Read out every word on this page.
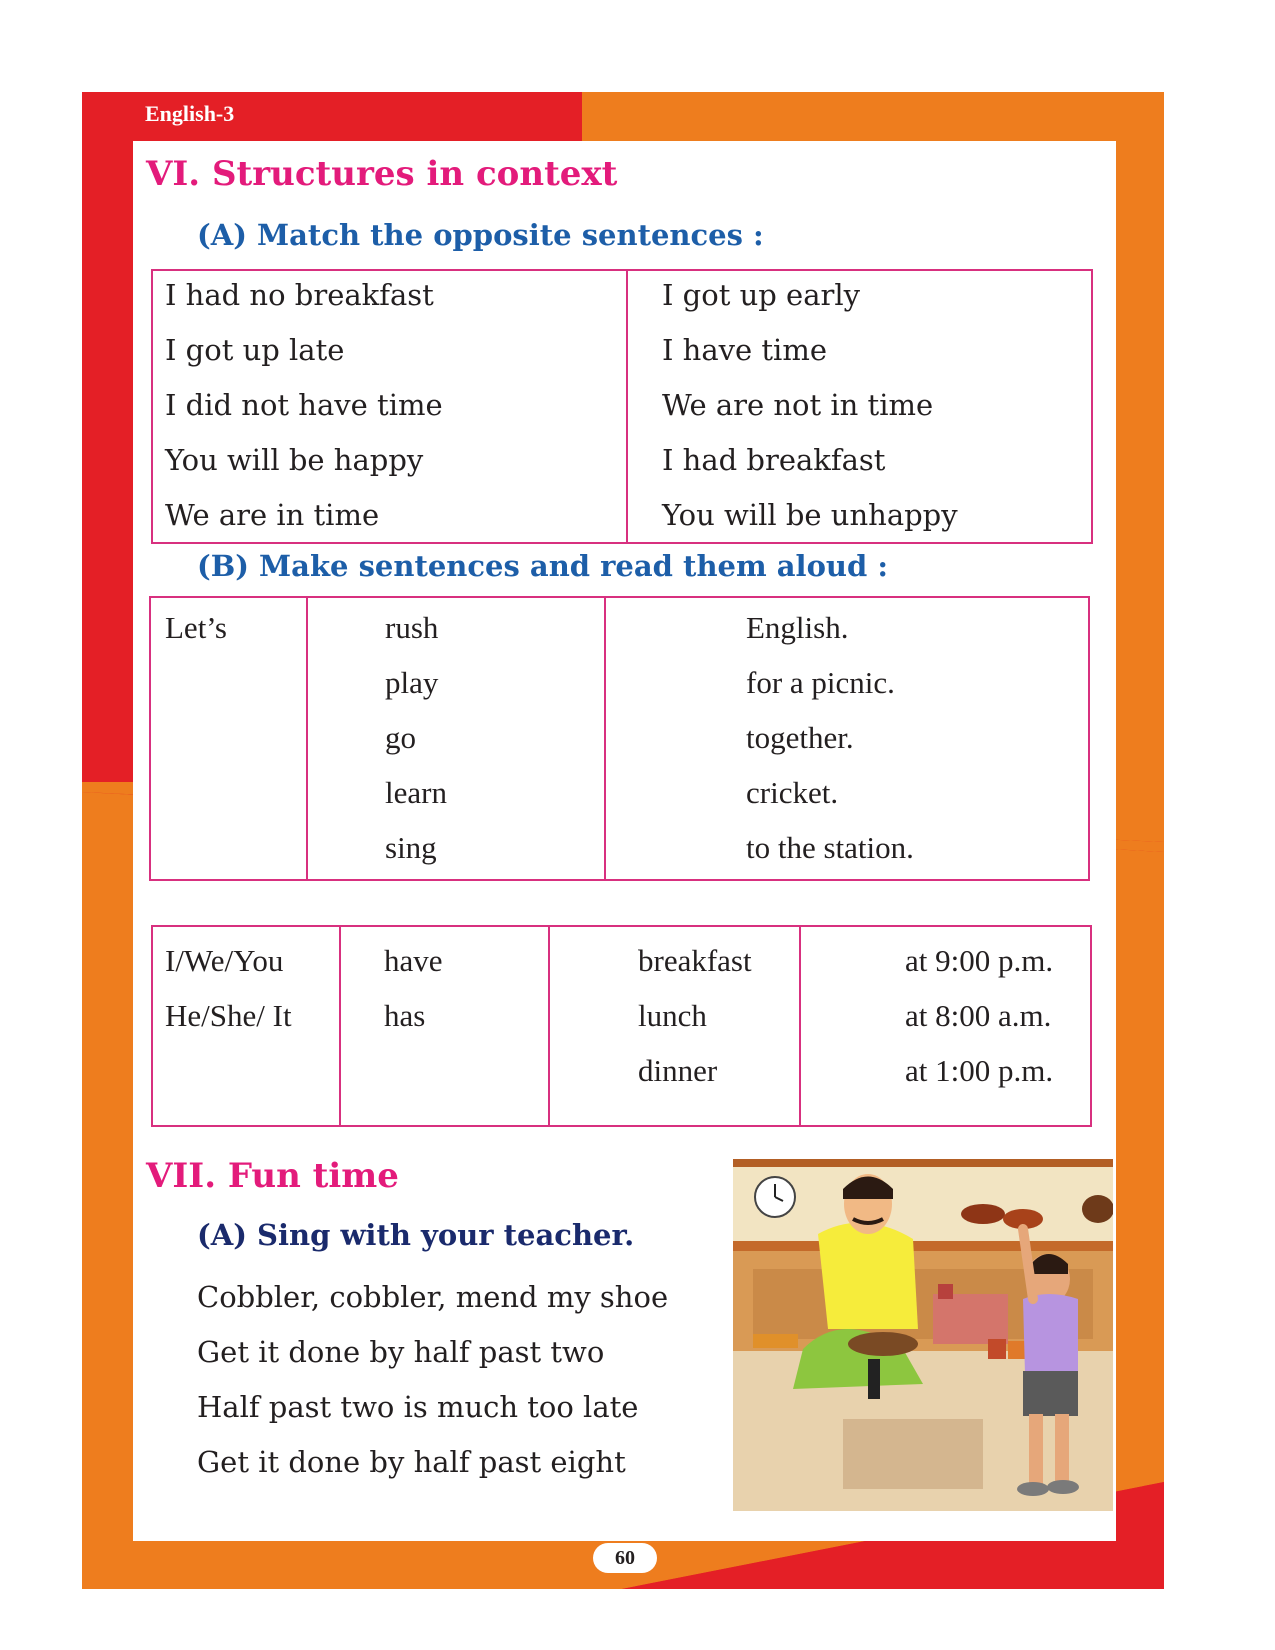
English-3
VI. Structures in context
(A) Match the opposite sentences :
I had no breakfast
I got up late
I did not have time
You will be happy
We are in time
I got up early
I have time
We are not in time
I had breakfast
You will be unhappy
(B) Make sentences and read them aloud :
Let’s	rush
play
go
learn
sing
English.
for a picnic.
together.
cricket.
to the station.
I/We/You
He/She/ It
have
has
breakfast
lunch
dinner
at 9:00 p.m.
at 8:00 a.m.
at 1:00 p.m.
VII. Fun time
(A) Sing with your teacher.
Cobbler, cobbler, mend my shoe
Get it done by half past two
Half past two is much too late
Get it done by half past eight
60
